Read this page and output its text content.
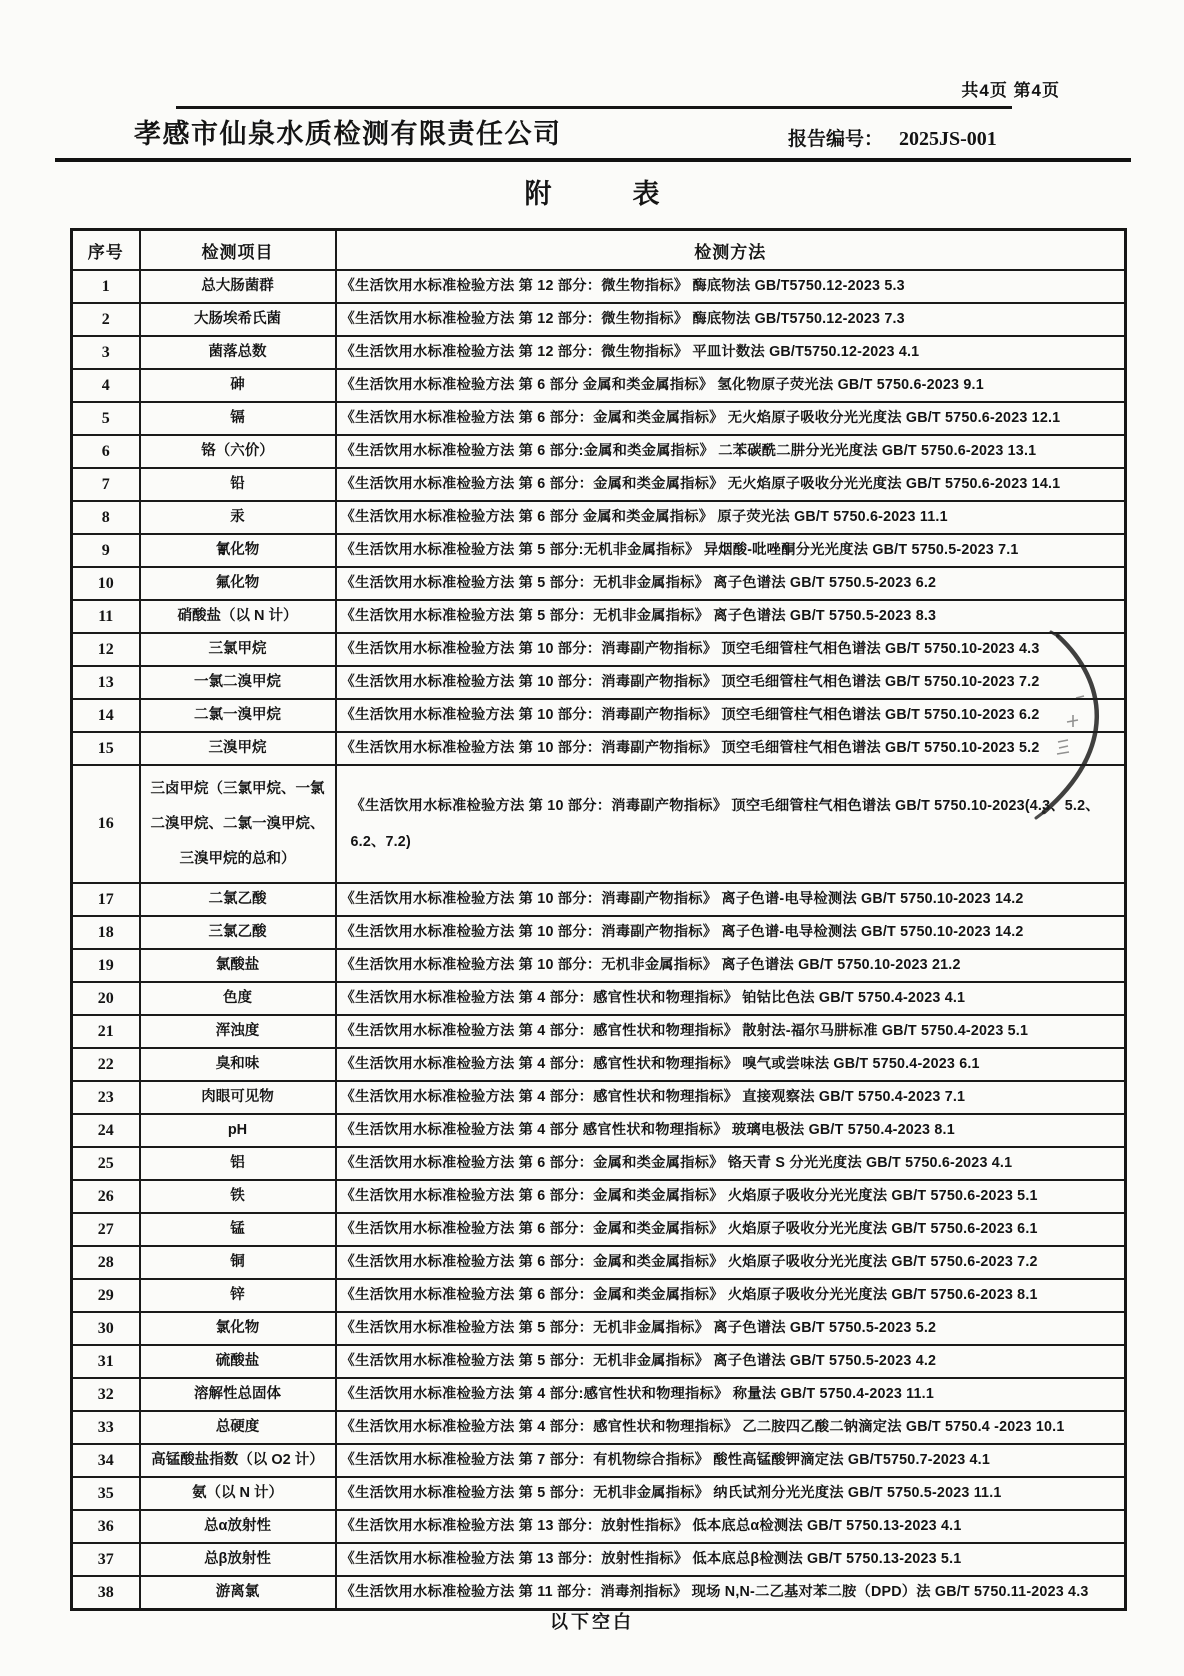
共4页 第4页
孝感市仙泉水质检测有限责任公司	报告编号： 2025JS-001
附　　　表
序号	检测项目	检测方法
1	总大肠菌群	《生活饮用水标准检验方法 第 12 部分：微生物指标》 酶底物法 GB/T5750.12-2023 5.3
2	大肠埃希氏菌	《生活饮用水标准检验方法 第 12 部分：微生物指标》 酶底物法 GB/T5750.12-2023 7.3
3	菌落总数	《生活饮用水标准检验方法 第 12 部分：微生物指标》 平皿计数法 GB/T5750.12-2023 4.1
4	砷	《生活饮用水标准检验方法 第 6 部分 金属和类金属指标》 氢化物原子荧光法 GB/T 5750.6-2023 9.1
5	镉	《生活饮用水标准检验方法 第 6 部分：金属和类金属指标》 无火焰原子吸收分光光度法 GB/T 5750.6-2023 12.1
6	铬（六价）	《生活饮用水标准检验方法 第 6 部分:金属和类金属指标》 二苯碳酰二肼分光光度法 GB/T 5750.6-2023 13.1
7	铅	《生活饮用水标准检验方法 第 6 部分：金属和类金属指标》 无火焰原子吸收分光光度法 GB/T 5750.6-2023 14.1
8	汞	《生活饮用水标准检验方法 第 6 部分 金属和类金属指标》 原子荧光法 GB/T 5750.6-2023 11.1
9	氰化物	《生活饮用水标准检验方法 第 5 部分:无机非金属指标》 异烟酸-吡唑酮分光光度法 GB/T 5750.5-2023 7.1
10	氟化物	《生活饮用水标准检验方法 第 5 部分：无机非金属指标》 离子色谱法 GB/T 5750.5-2023 6.2
11	硝酸盐（以 N 计）	《生活饮用水标准检验方法 第 5 部分：无机非金属指标》 离子色谱法 GB/T 5750.5-2023 8.3
12	三氯甲烷	《生活饮用水标准检验方法 第 10 部分：消毒副产物指标》 顶空毛细管柱气相色谱法 GB/T 5750.10-2023 4.3
13	一氯二溴甲烷	《生活饮用水标准检验方法 第 10 部分：消毒副产物指标》 顶空毛细管柱气相色谱法 GB/T 5750.10-2023 7.2
14	二氯一溴甲烷	《生活饮用水标准检验方法 第 10 部分：消毒副产物指标》 顶空毛细管柱气相色谱法 GB/T 5750.10-2023 6.2
15	三溴甲烷	《生活饮用水标准检验方法 第 10 部分：消毒副产物指标》 顶空毛细管柱气相色谱法 GB/T 5750.10-2023 5.2
16	三卤甲烷（三氯甲烷、一氯二溴甲烷、二氯一溴甲烷、三溴甲烷的总和）	《生活饮用水标准检验方法 第 10 部分：消毒副产物指标》 顶空毛细管柱气相色谱法 GB/T 5750.10-2023(4.3、5.2、6.2、7.2)
17	二氯乙酸	《生活饮用水标准检验方法 第 10 部分：消毒副产物指标》 离子色谱-电导检测法 GB/T 5750.10-2023 14.2
18	三氯乙酸	《生活饮用水标准检验方法 第 10 部分：消毒副产物指标》 离子色谱-电导检测法 GB/T 5750.10-2023 14.2
19	氯酸盐	《生活饮用水标准检验方法 第 10 部分：无机非金属指标》 离子色谱法 GB/T 5750.10-2023 21.2
20	色度	《生活饮用水标准检验方法 第 4 部分：感官性状和物理指标》 铂钴比色法 GB/T 5750.4-2023 4.1
21	浑浊度	《生活饮用水标准检验方法 第 4 部分：感官性状和物理指标》 散射法-福尔马肼标准 GB/T 5750.4-2023 5.1
22	臭和味	《生活饮用水标准检验方法 第 4 部分：感官性状和物理指标》 嗅气或尝味法 GB/T 5750.4-2023 6.1
23	肉眼可见物	《生活饮用水标准检验方法 第 4 部分：感官性状和物理指标》 直接观察法 GB/T 5750.4-2023 7.1
24	pH	《生活饮用水标准检验方法 第 4 部分 感官性状和物理指标》 玻璃电极法 GB/T 5750.4-2023 8.1
25	铝	《生活饮用水标准检验方法 第 6 部分：金属和类金属指标》 铬天青 S 分光光度法 GB/T 5750.6-2023 4.1
26	铁	《生活饮用水标准检验方法 第 6 部分：金属和类金属指标》 火焰原子吸收分光光度法 GB/T 5750.6-2023 5.1
27	锰	《生活饮用水标准检验方法 第 6 部分：金属和类金属指标》 火焰原子吸收分光光度法 GB/T 5750.6-2023 6.1
28	铜	《生活饮用水标准检验方法 第 6 部分：金属和类金属指标》 火焰原子吸收分光光度法 GB/T 5750.6-2023 7.2
29	锌	《生活饮用水标准检验方法 第 6 部分：金属和类金属指标》 火焰原子吸收分光光度法 GB/T 5750.6-2023 8.1
30	氯化物	《生活饮用水标准检验方法 第 5 部分：无机非金属指标》 离子色谱法 GB/T 5750.5-2023 5.2
31	硫酸盐	《生活饮用水标准检验方法 第 5 部分：无机非金属指标》 离子色谱法 GB/T 5750.5-2023 4.2
32	溶解性总固体	《生活饮用水标准检验方法 第 4 部分:感官性状和物理指标》 称量法 GB/T 5750.4-2023 11.1
33	总硬度	《生活饮用水标准检验方法 第 4 部分：感官性状和物理指标》 乙二胺四乙酸二钠滴定法 GB/T 5750.4 -2023 10.1
34	高锰酸盐指数（以 O2 计）	《生活饮用水标准检验方法 第 7 部分：有机物综合指标》 酸性高锰酸钾滴定法 GB/T5750.7-2023 4.1
35	氨（以 N 计）	《生活饮用水标准检验方法 第 5 部分：无机非金属指标》 纳氏试剂分光光度法 GB/T 5750.5-2023 11.1
36	总α放射性	《生活饮用水标准检验方法 第 13 部分：放射性指标》 低本底总α检测法 GB/T 5750.13-2023 4.1
37	总β放射性	《生活饮用水标准检验方法 第 13 部分：放射性指标》 低本底总β检测法 GB/T 5750.13-2023 5.1
38	游离氯	《生活饮用水标准检验方法 第 11 部分：消毒剂指标》 现场 N,N-二乙基对苯二胺（DPD）法 GB/T 5750.11-2023 4.3
以下空白
